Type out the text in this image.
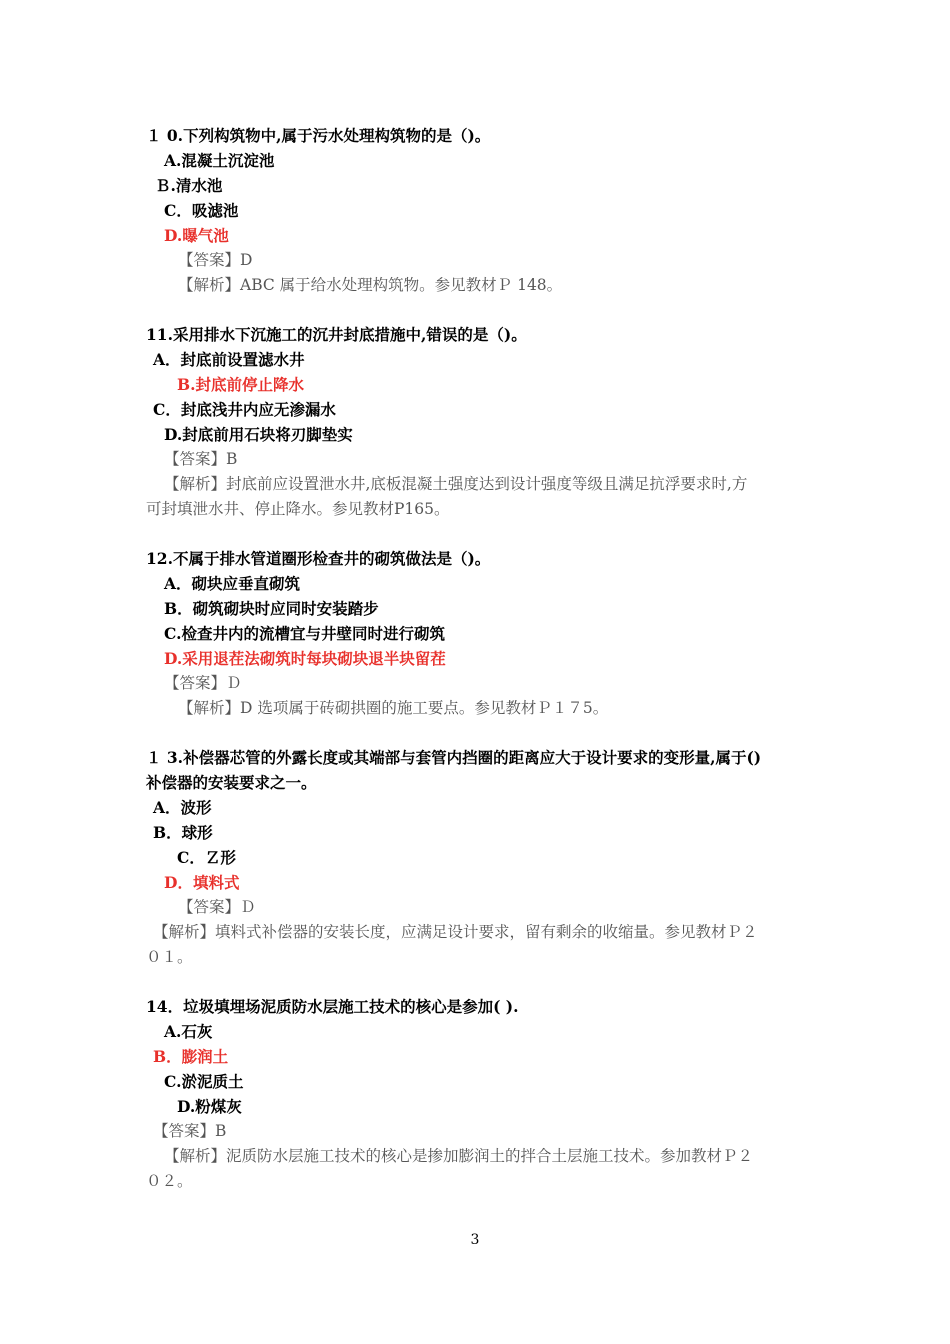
１ 0.下列构筑物中,属于污水处理构筑物的是（)。
A.混凝土沉淀池
Ｂ.清水池
C．吸滤池
D.曝气池
【答案】D
【解析】ABC 属于给水处理构筑物。参见教材Ｐ 148。
11.采用排水下沉施工的沉井封底措施中,错误的是（)。
A．封底前设置滤水井
B.封底前停止降水
C．封底浅井内应无渗漏水
D.封底前用石块将刃脚垫实
【答案】B
【解析】封底前应设置泄水井,底板混凝土强度达到设计强度等级且满足抗浮要求时,方
可封填泄水井、停止降水。参见教材P165。
12.不属于排水管道圈形检查井的砌筑做法是（)。
A．砌块应垂直砌筑
B．砌筑砌块时应同时安装踏步
C.检查井内的流槽宜与井壁同时进行砌筑
D.采用退茬法砌筑时每块砌块退半块留茬
【答案】Ｄ
【解析】D 选项属于砖砌拱圈的施工要点。参见教材Ｐ１７5。
１ 3.补偿器芯管的外露长度或其端部与套管内挡圈的距离应大于设计要求的变形量,属于()
补偿器的安装要求之一。
A．波形
B．球形
C．Ｚ形
D．填料式
【答案】Ｄ
【解析】填料式补偿器的安装长度，应满足设计要求，留有剩余的收缩量。参见教材Ｐ２
０１。
14．垃圾填埋场泥质防水层施工技术的核心是参加( ).
A.石灰
B．膨润土
C.淤泥质土
D.粉煤灰
【答案】B
【解析】泥质防水层施工技术的核心是掺加膨润土的拌合土层施工技术。参加教材Ｐ２
０２。
3
